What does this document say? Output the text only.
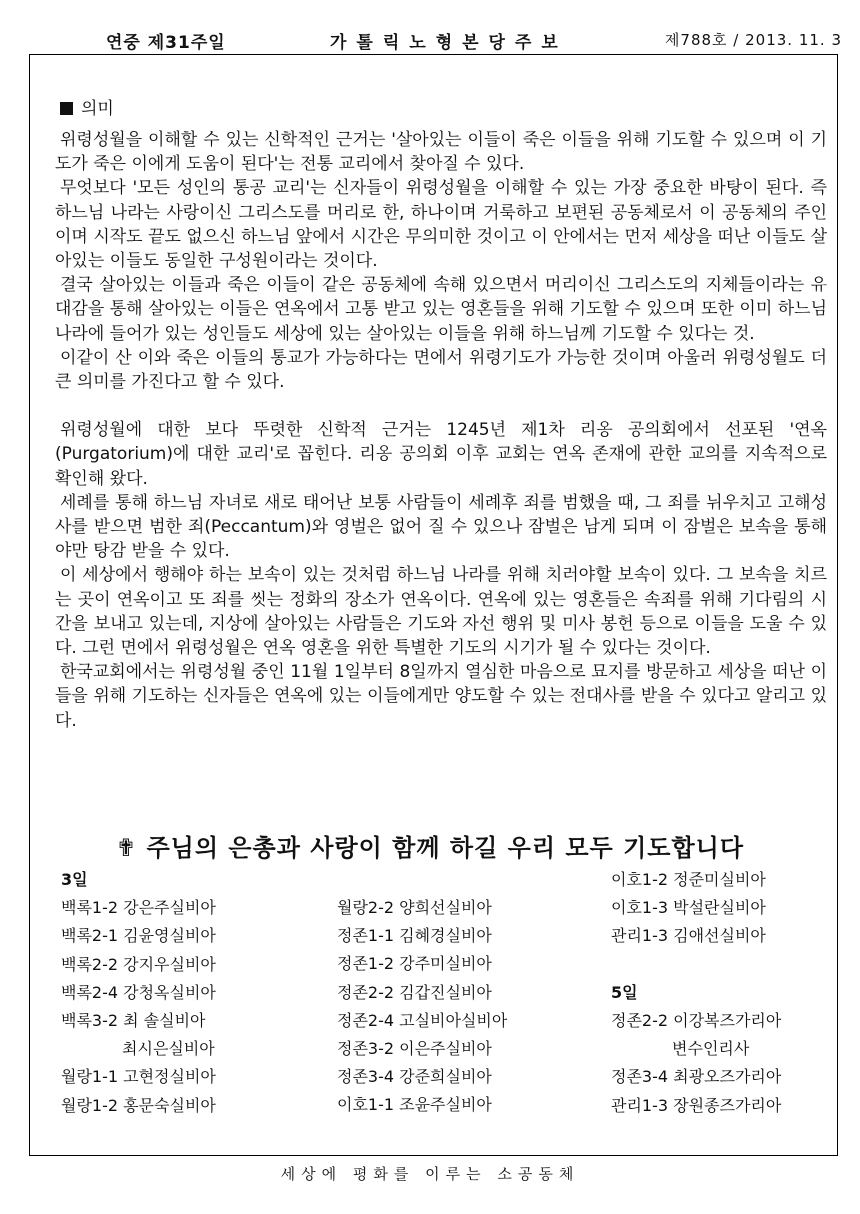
연중 제31주일	가톨릭노형본당주보	제788호 / 2013. 11. 3
의미

위령성월을 이해할 수 있는 신학적인 근거는 '살아있는 이들이 죽은 이들을 위해 기도할 수 있으며 이 기도가 죽은 이에게 도움이 된다'는 전통 교리에서 찾아질 수 있다.

무엇보다 '모든 성인의 통공 교리'는 신자들이 위령성월을 이해할 수 있는 가장 중요한 바탕이 된다. 즉 하느님 나라는 사랑이신 그리스도를 머리로 한, 하나이며 거룩하고 보편된 공동체로서 이 공동체의 주인이며 시작도 끝도 없으신 하느님 앞에서 시간은 무의미한 것이고 이 안에서는 먼저 세상을 떠난 이들도 살아있는 이들도 동일한 구성원이라는 것이다.

결국 살아있는 이들과 죽은 이들이 같은 공동체에 속해 있으면서 머리이신 그리스도의 지체들이라는 유대감을 통해 살아있는 이들은 연옥에서 고통 받고 있는 영혼들을 위해 기도할 수 있으며 또한 이미 하느님 나라에 들어가 있는 성인들도 세상에 있는 살아있는 이들을 위해 하느님께 기도할 수 있다는 것.

이같이 산 이와 죽은 이들의 통교가 가능하다는 면에서 위령기도가 가능한 것이며 아울러 위령성월도 더 큰 의미를 가진다고 할 수 있다.

위령성월에 대한 보다 뚜렷한 신학적 근거는 1245년 제1차 리옹 공의회에서 선포된 '연옥(Purgatorium)에 대한 교리'로 꼽힌다. 리옹 공의회 이후 교회는 연옥 존재에 관한 교의를 지속적으로 확인해 왔다.

세례를 통해 하느님 자녀로 새로 태어난 보통 사람들이 세례후 죄를 범했을 때, 그 죄를 뉘우치고 고해성사를 받으면 범한 죄(Peccantum)와 영벌은 없어 질 수 있으나 잠벌은 남게 되며 이 잠벌은 보속을 통해야만 탕감 받을 수 있다.

이 세상에서 행해야 하는 보속이 있는 것처럼 하느님 나라를 위해 치러야할 보속이 있다. 그 보속을 치르는 곳이 연옥이고 또 죄를 씻는 정화의 장소가 연옥이다. 연옥에 있는 영혼들은 속죄를 위해 기다림의 시간을 보내고 있는데, 지상에 살아있는 사람들은 기도와 자선 행위 및 미사 봉헌 등으로 이들을 도울 수 있다. 그런 면에서 위령성월은 연옥 영혼을 위한 특별한 기도의 시기가 될 수 있다는 것이다.

한국교회에서는 위령성월 중인 11월 1일부터 8일까지 열심한 마음으로 묘지를 방문하고 세상을 떠난 이들을 위해 기도하는 신자들은 연옥에 있는 이들에게만 양도할 수 있는 전대사를 받을 수 있다고 알리고 있다.

✟ 주님의 은총과 사랑이 함께 하길 우리 모두 기도합니다
3일
백록1-2 강은주실비아
백록2-1 김윤영실비아
백록2-2 강지우실비아
백록2-4 강청옥실비아
백록3-2 최 솔실비아
최시은실비아
월랑1-1 고현정실비아
월랑1-2 홍문숙실비아
월랑2-2 양희선실비아
정존1-1 김혜경실비아
정존1-2 강주미실비아
정존2-2 김갑진실비아
정존2-4 고실비아실비아
정존3-2 이은주실비아
정존3-4 강준희실비아
이호1-1 조윤주실비아
이호1-2 정준미실비아
이호1-3 박설란실비아
관리1-3 김애선실비아
5일
정존2-2 이강복즈가리아
변수인리사
정존3-4 최광오즈가리아
관리1-3 장원종즈가리아
세상에 평화를 이루는 소공동체
